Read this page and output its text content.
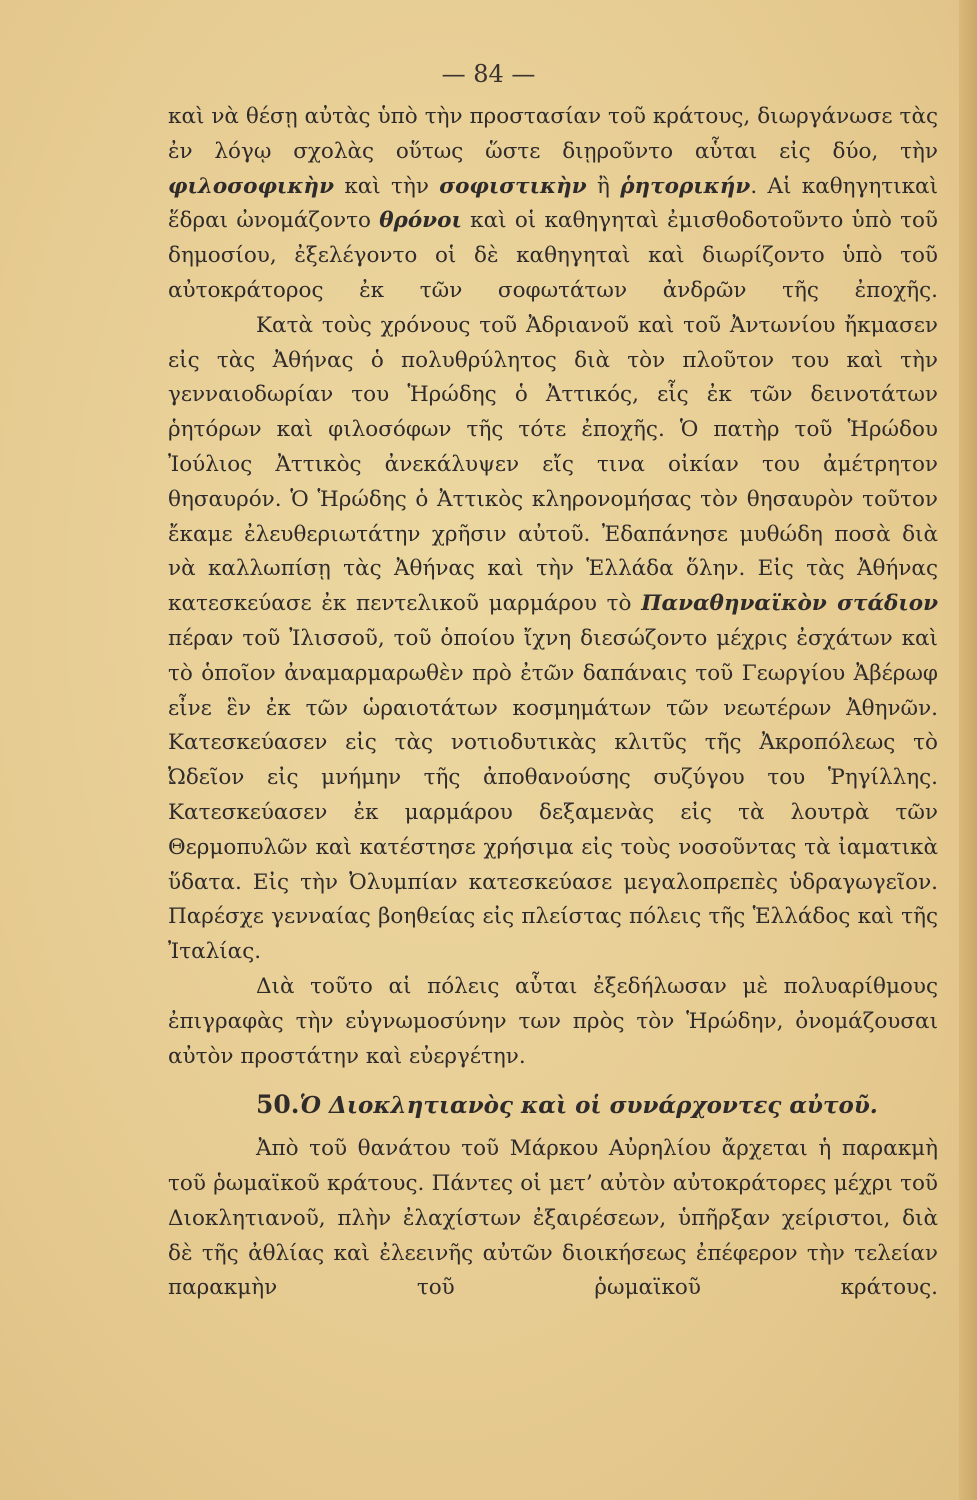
— 84 —

καὶ νὰ θέσῃ αὐτὰς ὑπὸ τὴν προστασίαν τοῦ κράτους, διωργάνωσε τὰς ἐν λόγῳ σχολὰς οὕτως ὥστε διῃροῦντο αὗται εἰς δύο, τὴν φιλοσοφικὴν καὶ τὴν σοφιστικὴν ἢ ῥητορικήν. Αἱ καθηγητικαὶ ἕδραι ὠνομάζοντο θρόνοι καὶ οἱ καθηγηταὶ ἐμισθοδοτοῦντο ὑπὸ τοῦ δημοσίου, ἐξελέγοντο οἱ δὲ καθηγηταὶ καὶ διωρίζοντο ὑπὸ τοῦ αὐτοκράτορος ἐκ τῶν σοφωτάτων ἀνδρῶν τῆς ἐποχῆς.

Κατὰ τοὺς χρόνους τοῦ Ἀδριανοῦ καὶ τοῦ Ἀντωνίου ἤκμασεν εἰς τὰς Ἀθήνας ὁ πολυθρύλητος διὰ τὸν πλοῦτον του καὶ τὴν γενναιοδωρίαν του Ἡρώδης ὁ Ἀττικός, εἷς ἐκ τῶν δεινοτάτων ῥητόρων καὶ φιλοσόφων τῆς τότε ἐποχῆς. Ὁ πατὴρ τοῦ Ἡρώδου Ἰούλιος Ἀττικὸς ἀνεκάλυψεν εἴς τινα οἰκίαν του ἀμέτρητον θησαυρόν. Ὁ Ἡρώδης ὁ Ἀττικὸς κληρονομήσας τὸν θησαυρὸν τοῦτον ἔκαμε ἐλευθεριωτάτην χρῆσιν αὐτοῦ. Ἐδαπάνησε μυθώδη ποσὰ διὰ νὰ καλλωπίσῃ τὰς Ἀθήνας καὶ τὴν Ἑλλάδα ὅλην. Εἰς τὰς Ἀθήνας κατεσκεύασε ἐκ πεντελικοῦ μαρμάρου τὸ Παναθηναϊκὸν στάδιον πέραν τοῦ Ἰλισσοῦ, τοῦ ὁποίου ἴχνη διεσώζοντο μέχρις ἐσχάτων καὶ τὸ ὁποῖον ἀναμαρμαρωθὲν πρὸ ἐτῶν δαπάναις τοῦ Γεωργίου Ἀβέρωφ εἶνε ἓν ἐκ τῶν ὡραιοτάτων κοσμημάτων τῶν νεωτέρων Ἀθηνῶν. Κατεσκεύασεν εἰς τὰς νοτιοδυτικὰς κλιτῦς τῆς Ἀκροπόλεως τὸ Ὠδεῖον εἰς μνήμην τῆς ἀποθανούσης συζύγου του Ῥηγίλλης. Κατεσκεύασεν ἐκ μαρμάρου δεξαμενὰς εἰς τὰ λουτρὰ τῶν Θερμοπυλῶν καὶ κατέστησε χρήσιμα εἰς τοὺς νοσοῦντας τὰ ἰαματικὰ ὕδατα. Εἰς τὴν Ὀλυμπίαν κατεσκεύασε μεγαλοπρεπὲς ὑδραγωγεῖον. Παρέσχε γενναίας βοηθείας εἰς πλείστας πόλεις τῆς Ἑλλάδος καὶ τῆς Ἰταλίας.

Διὰ τοῦτο αἱ πόλεις αὗται ἐξεδήλωσαν μὲ πολυαρίθμους ἐπιγραφὰς τὴν εὐγνωμοσύνην των πρὸς τὸν Ἡρώδην, ὀνομάζουσαι αὐτὸν προστάτην καὶ εὐεργέτην.

50.Ὁ Διοκλητιανὸς καὶ οἱ συνάρχοντες αὐτοῦ.

Ἀπὸ τοῦ θανάτου τοῦ Μάρκου Αὐρηλίου ἄρχεται ἡ παρακμὴ τοῦ ῥωμαϊκοῦ κράτους. Πάντες οἱ μετ’ αὐτὸν αὐτοκράτορες μέχρι τοῦ Διοκλητιανοῦ, πλὴν ἐλαχίστων ἐξαιρέσεων, ὑπῆρξαν χείριστοι, διὰ δὲ τῆς ἀθλίας καὶ ἐλεεινῆς αὐτῶν διοικήσεως ἐπέφερον τὴν τελείαν παρακμὴν τοῦ ῥωμαϊκοῦ κράτους.
